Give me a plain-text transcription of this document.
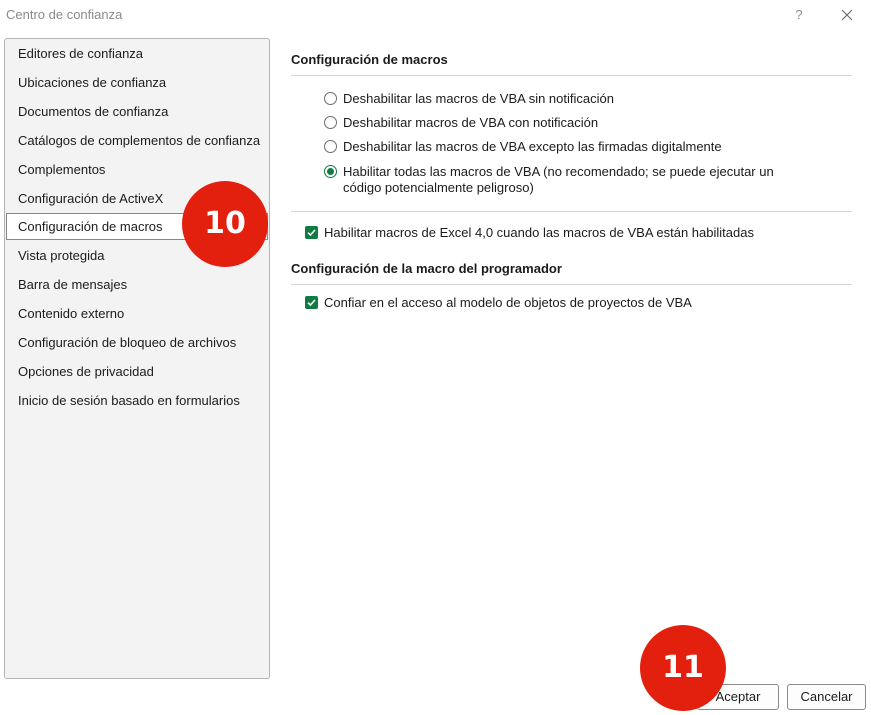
Centro de confianza	?
Editores de confianza
Ubicaciones de confianza
Documentos de confianza
Catálogos de complementos de confianza
Complementos
Configuración de ActiveX
Configuración de macros
Vista protegida
Barra de mensajes
Contenido externo
Configuración de bloqueo de archivos
Opciones de privacidad
Inicio de sesión basado en formularios
Configuración de macros
Deshabilitar las macros de VBA sin notificación
Deshabilitar macros de VBA con notificación
Deshabilitar las macros de VBA excepto las firmadas digitalmente
Habilitar todas las macros de VBA (no recomendado; se puede ejecutar un código potencialmente peligroso)
Habilitar macros de Excel 4,0 cuando las macros de VBA están habilitadas
Configuración de la macro del programador
Confiar en el acceso al modelo de objetos de proyectos de VBA
10
Aceptar	Cancelar
11
